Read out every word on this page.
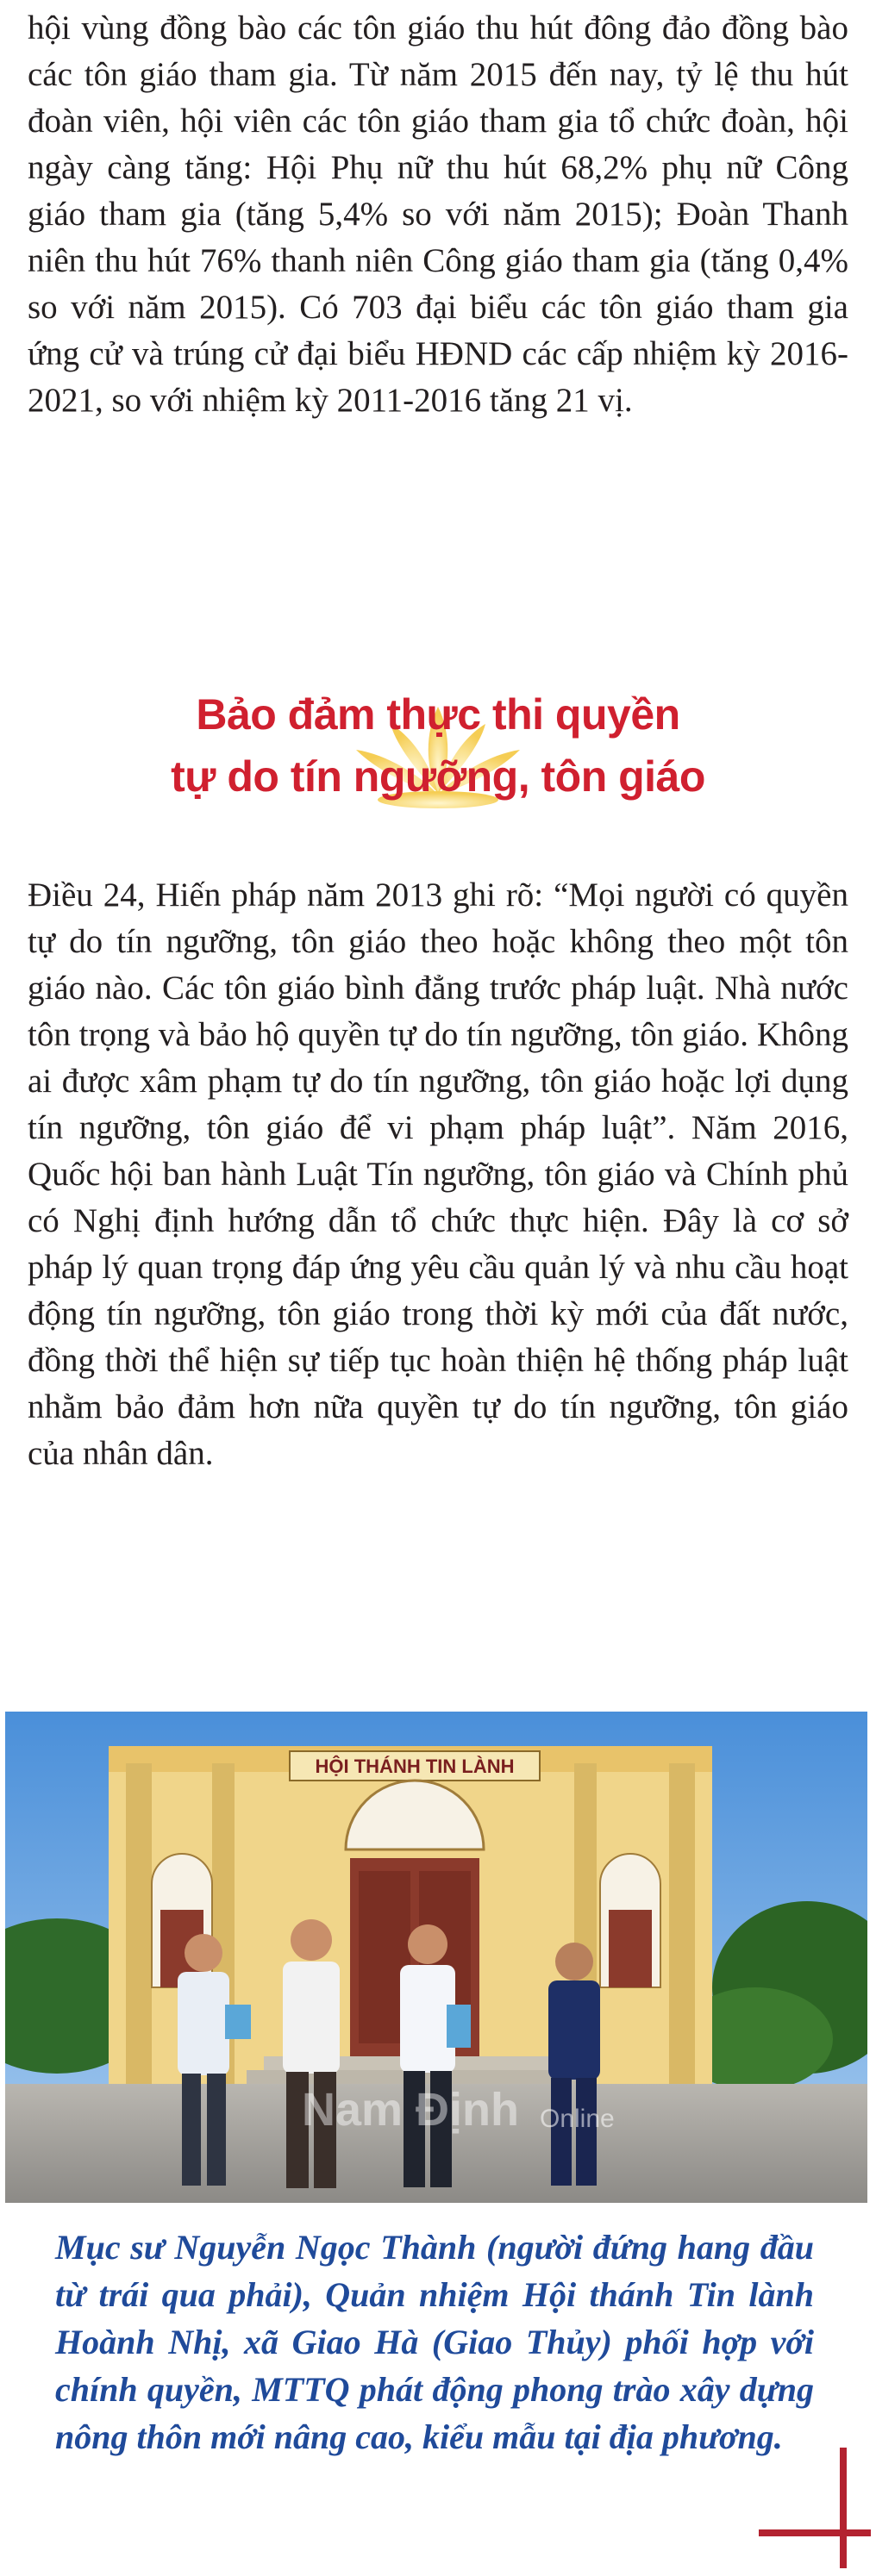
hội vùng đồng bào các tôn giáo thu hút đông đảo đồng bào các tôn giáo tham gia. Từ năm 2015 đến nay, tỷ lệ thu hút đoàn viên, hội viên các tôn giáo tham gia tổ chức đoàn, hội ngày càng tăng: Hội Phụ nữ thu hút 68,2% phụ nữ Công giáo tham gia (tăng 5,4% so với năm 2015); Đoàn Thanh niên thu hút 76% thanh niên Công giáo tham gia (tăng 0,4% so với năm 2015). Có 703 đại biểu các tôn giáo tham gia ứng cử và trúng cử đại biểu HĐND các cấp nhiệm kỳ 2016-2021, so với nhiệm kỳ 2011-2016 tăng 21 vị.

Bảo đảm thực thi quyền

tự do tín ngưỡng, tôn giáo

Điều 24, Hiến pháp năm 2013 ghi rõ: “Mọi người có quyền tự do tín ngưỡng, tôn giáo theo hoặc không theo một tôn giáo nào. Các tôn giáo bình đẳng trước pháp luật. Nhà nước tôn trọng và bảo hộ quyền tự do tín ngưỡng, tôn giáo. Không ai được xâm phạm tự do tín ngưỡng, tôn giáo hoặc lợi dụng tín ngưỡng, tôn giáo để vi phạm pháp luật”. Năm 2016, Quốc hội ban hành Luật Tín ngưỡng, tôn giáo và Chính phủ có Nghị định hướng dẫn tổ chức thực hiện. Đây là cơ sở pháp lý quan trọng đáp ứng yêu cầu quản lý và nhu cầu hoạt động tín ngưỡng, tôn giáo trong thời kỳ mới của đất nước, đồng thời thể hiện sự tiếp tục hoàn thiện hệ thống pháp luật nhằm bảo đảm hơn nữa quyền tự do tín ngưỡng, tôn giáo của nhân dân.

HỘI THÁNH TIN LÀNH
Nam Định Online

Mục sư Nguyễn Ngọc Thành (người đứng hang đầu từ trái qua phải), Quản nhiệm Hội thánh Tin lành Hoành Nhị, xã Giao Hà (Giao Thủy) phối hợp với chính quyền, MTTQ phát động phong trào xây dựng nông thôn mới nâng cao, kiểu mẫu tại địa phương.
